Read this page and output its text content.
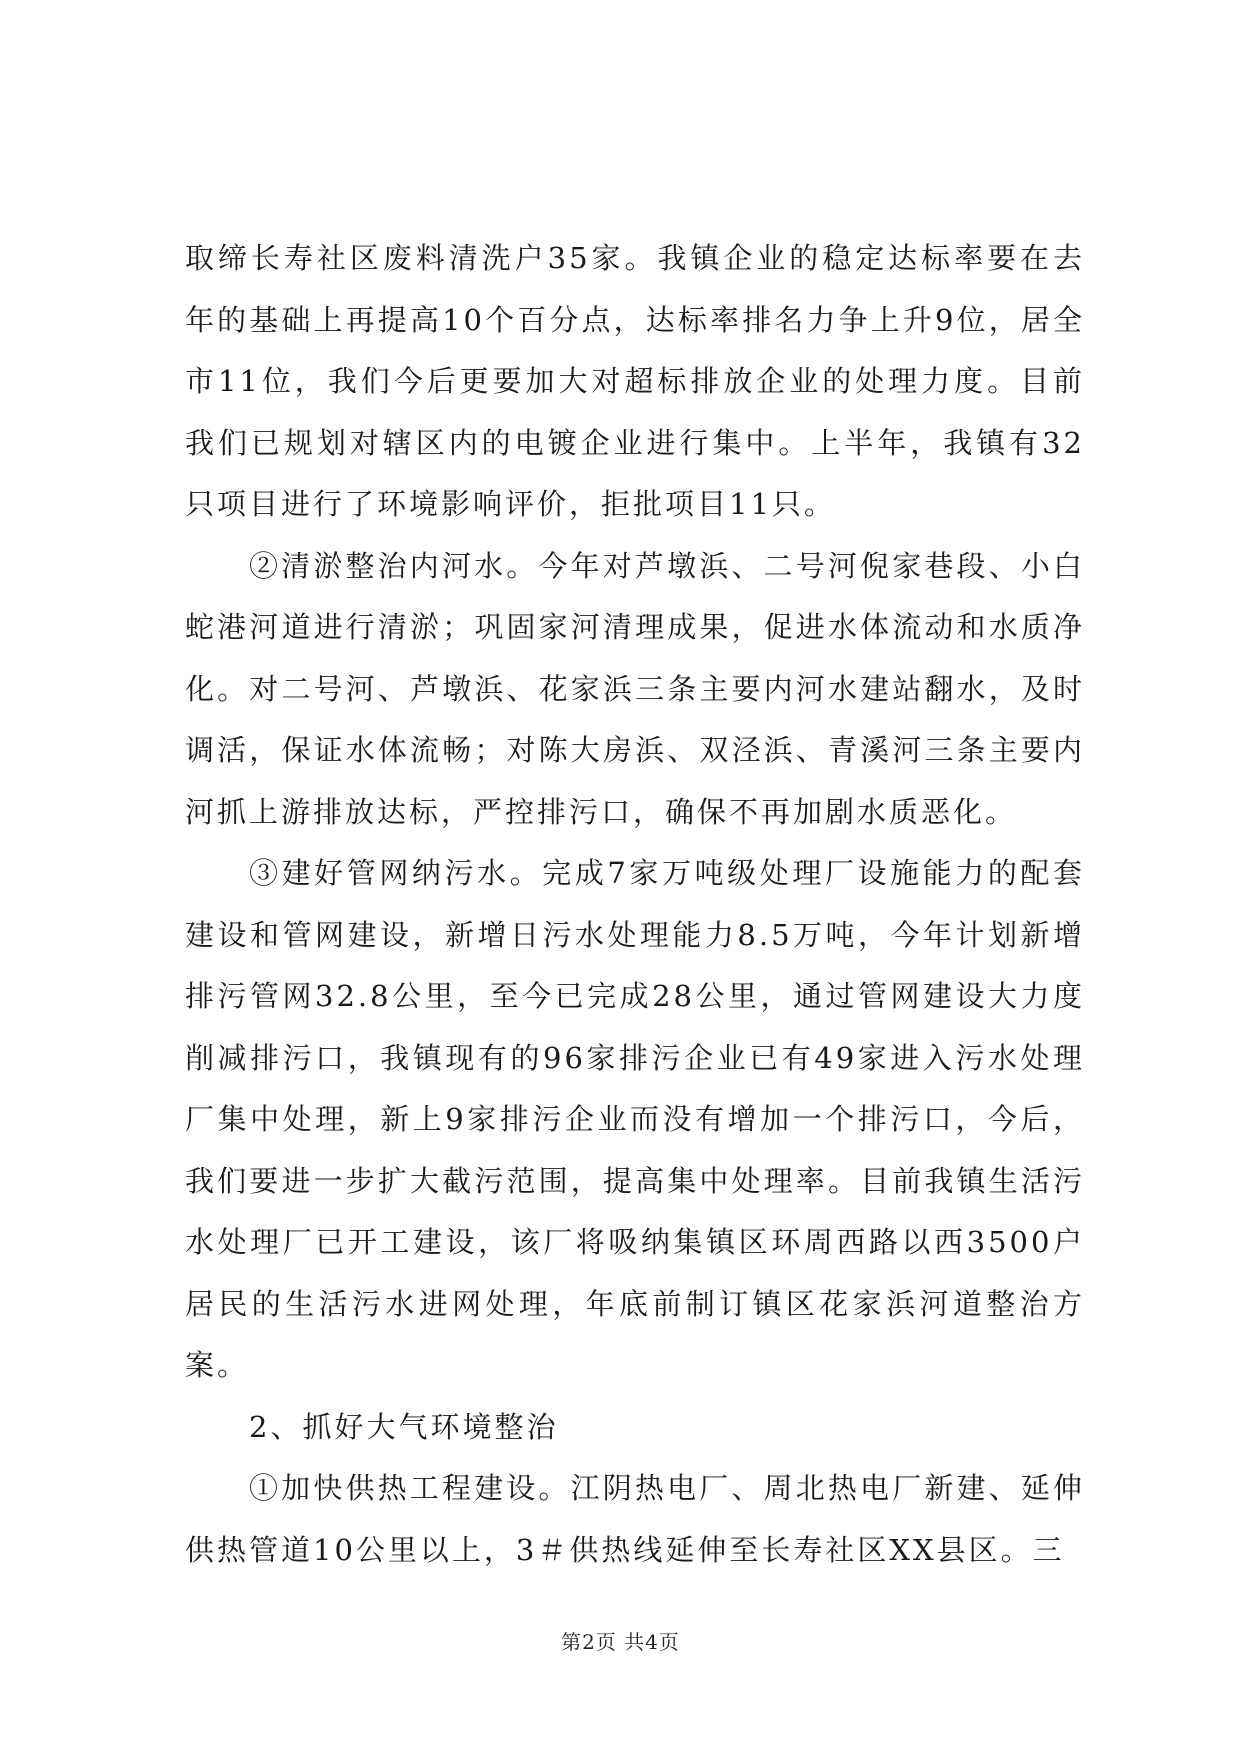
取缔长寿社区废料清洗户35家。我镇企业的稳定达标率要在去年的基础上再提高10个百分点，达标率排名力争上升9位，居全市11位，我们今后更要加大对超标排放企业的处理力度。目前我们已规划对辖区内的电镀企业进行集中。上半年，我镇有32只项目进行了环境影响评价，拒批项目11只。

②清淤整治内河水。今年对芦墩浜、二号河倪家巷段、小白蛇港河道进行清淤；巩固家河清理成果，促进水体流动和水质净化。对二号河、芦墩浜、花家浜三条主要内河水建站翻水，及时调活，保证水体流畅；对陈大房浜、双泾浜、青溪河三条主要内河抓上游排放达标，严控排污口，确保不再加剧水质恶化。

③建好管网纳污水。完成7家万吨级处理厂设施能力的配套建设和管网建设，新增日污水处理能力8.5万吨，今年计划新增排污管网32.8公里，至今已完成28公里，通过管网建设大力度削减排污口，我镇现有的96家排污企业已有49家进入污水处理厂集中处理，新上9家排污企业而没有增加一个排污口，今后，我们要进一步扩大截污范围，提高集中处理率。目前我镇生活污水处理厂已开工建设，该厂将吸纳集镇区环周西路以西3500户居民的生活污水进网处理，年底前制订镇区花家浜河道整治方案。

2、抓好大气环境整治

①加快供热工程建设。江阴热电厂、周北热电厂新建、延伸供热管道10公里以上，3＃供热线延伸至长寿社区XX县区。三

第2页 共4页
